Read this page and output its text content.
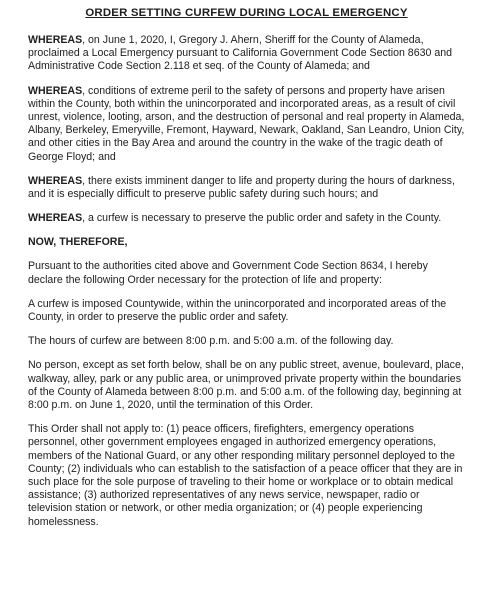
ORDER SETTING CURFEW DURING LOCAL EMERGENCY

WHEREAS, on June 1, 2020, I, Gregory J. Ahern, Sheriff for the County of Alameda, proclaimed a Local Emergency pursuant to California Government Code Section 8630 and Administrative Code Section 2.118 et seq. of the County of Alameda; and

WHEREAS, conditions of extreme peril to the safety of persons and property have arisen within the County, both within the unincorporated and incorporated areas, as a result of civil unrest, violence, looting, arson, and the destruction of personal and real property in Alameda, Albany, Berkeley, Emeryville, Fremont, Hayward, Newark, Oakland, San Leandro, Union City, and other cities in the Bay Area and around the country in the wake of the tragic death of George Floyd; and

WHEREAS, there exists imminent danger to life and property during the hours of darkness, and it is especially difficult to preserve public safety during such hours; and

WHEREAS, a curfew is necessary to preserve the public order and safety in the County.

NOW, THEREFORE,

Pursuant to the authorities cited above and Government Code Section 8634, I hereby declare the following Order necessary for the protection of life and property:

A curfew is imposed Countywide, within the unincorporated and incorporated areas of the County, in order to preserve the public order and safety.

The hours of curfew are between 8:00 p.m. and 5:00 a.m. of the following day.

No person, except as set forth below, shall be on any public street, avenue, boulevard, place, walkway, alley, park or any public area, or unimproved private property within the boundaries of the County of Alameda between 8:00 p.m. and 5:00 a.m. of the following day, beginning at 8:00 p.m. on June 1, 2020, until the termination of this Order.

This Order shall not apply to: (1) peace officers, firefighters, emergency operations personnel, other government employees engaged in authorized emergency operations, members of the National Guard, or any other responding military personnel deployed to the County; (2) individuals who can establish to the satisfaction of a peace officer that they are in such place for the sole purpose of traveling to their home or workplace or to obtain medical assistance; (3) authorized representatives of any news service, newspaper, radio or television station or network, or other media organization; or (4) people experiencing homelessness.
